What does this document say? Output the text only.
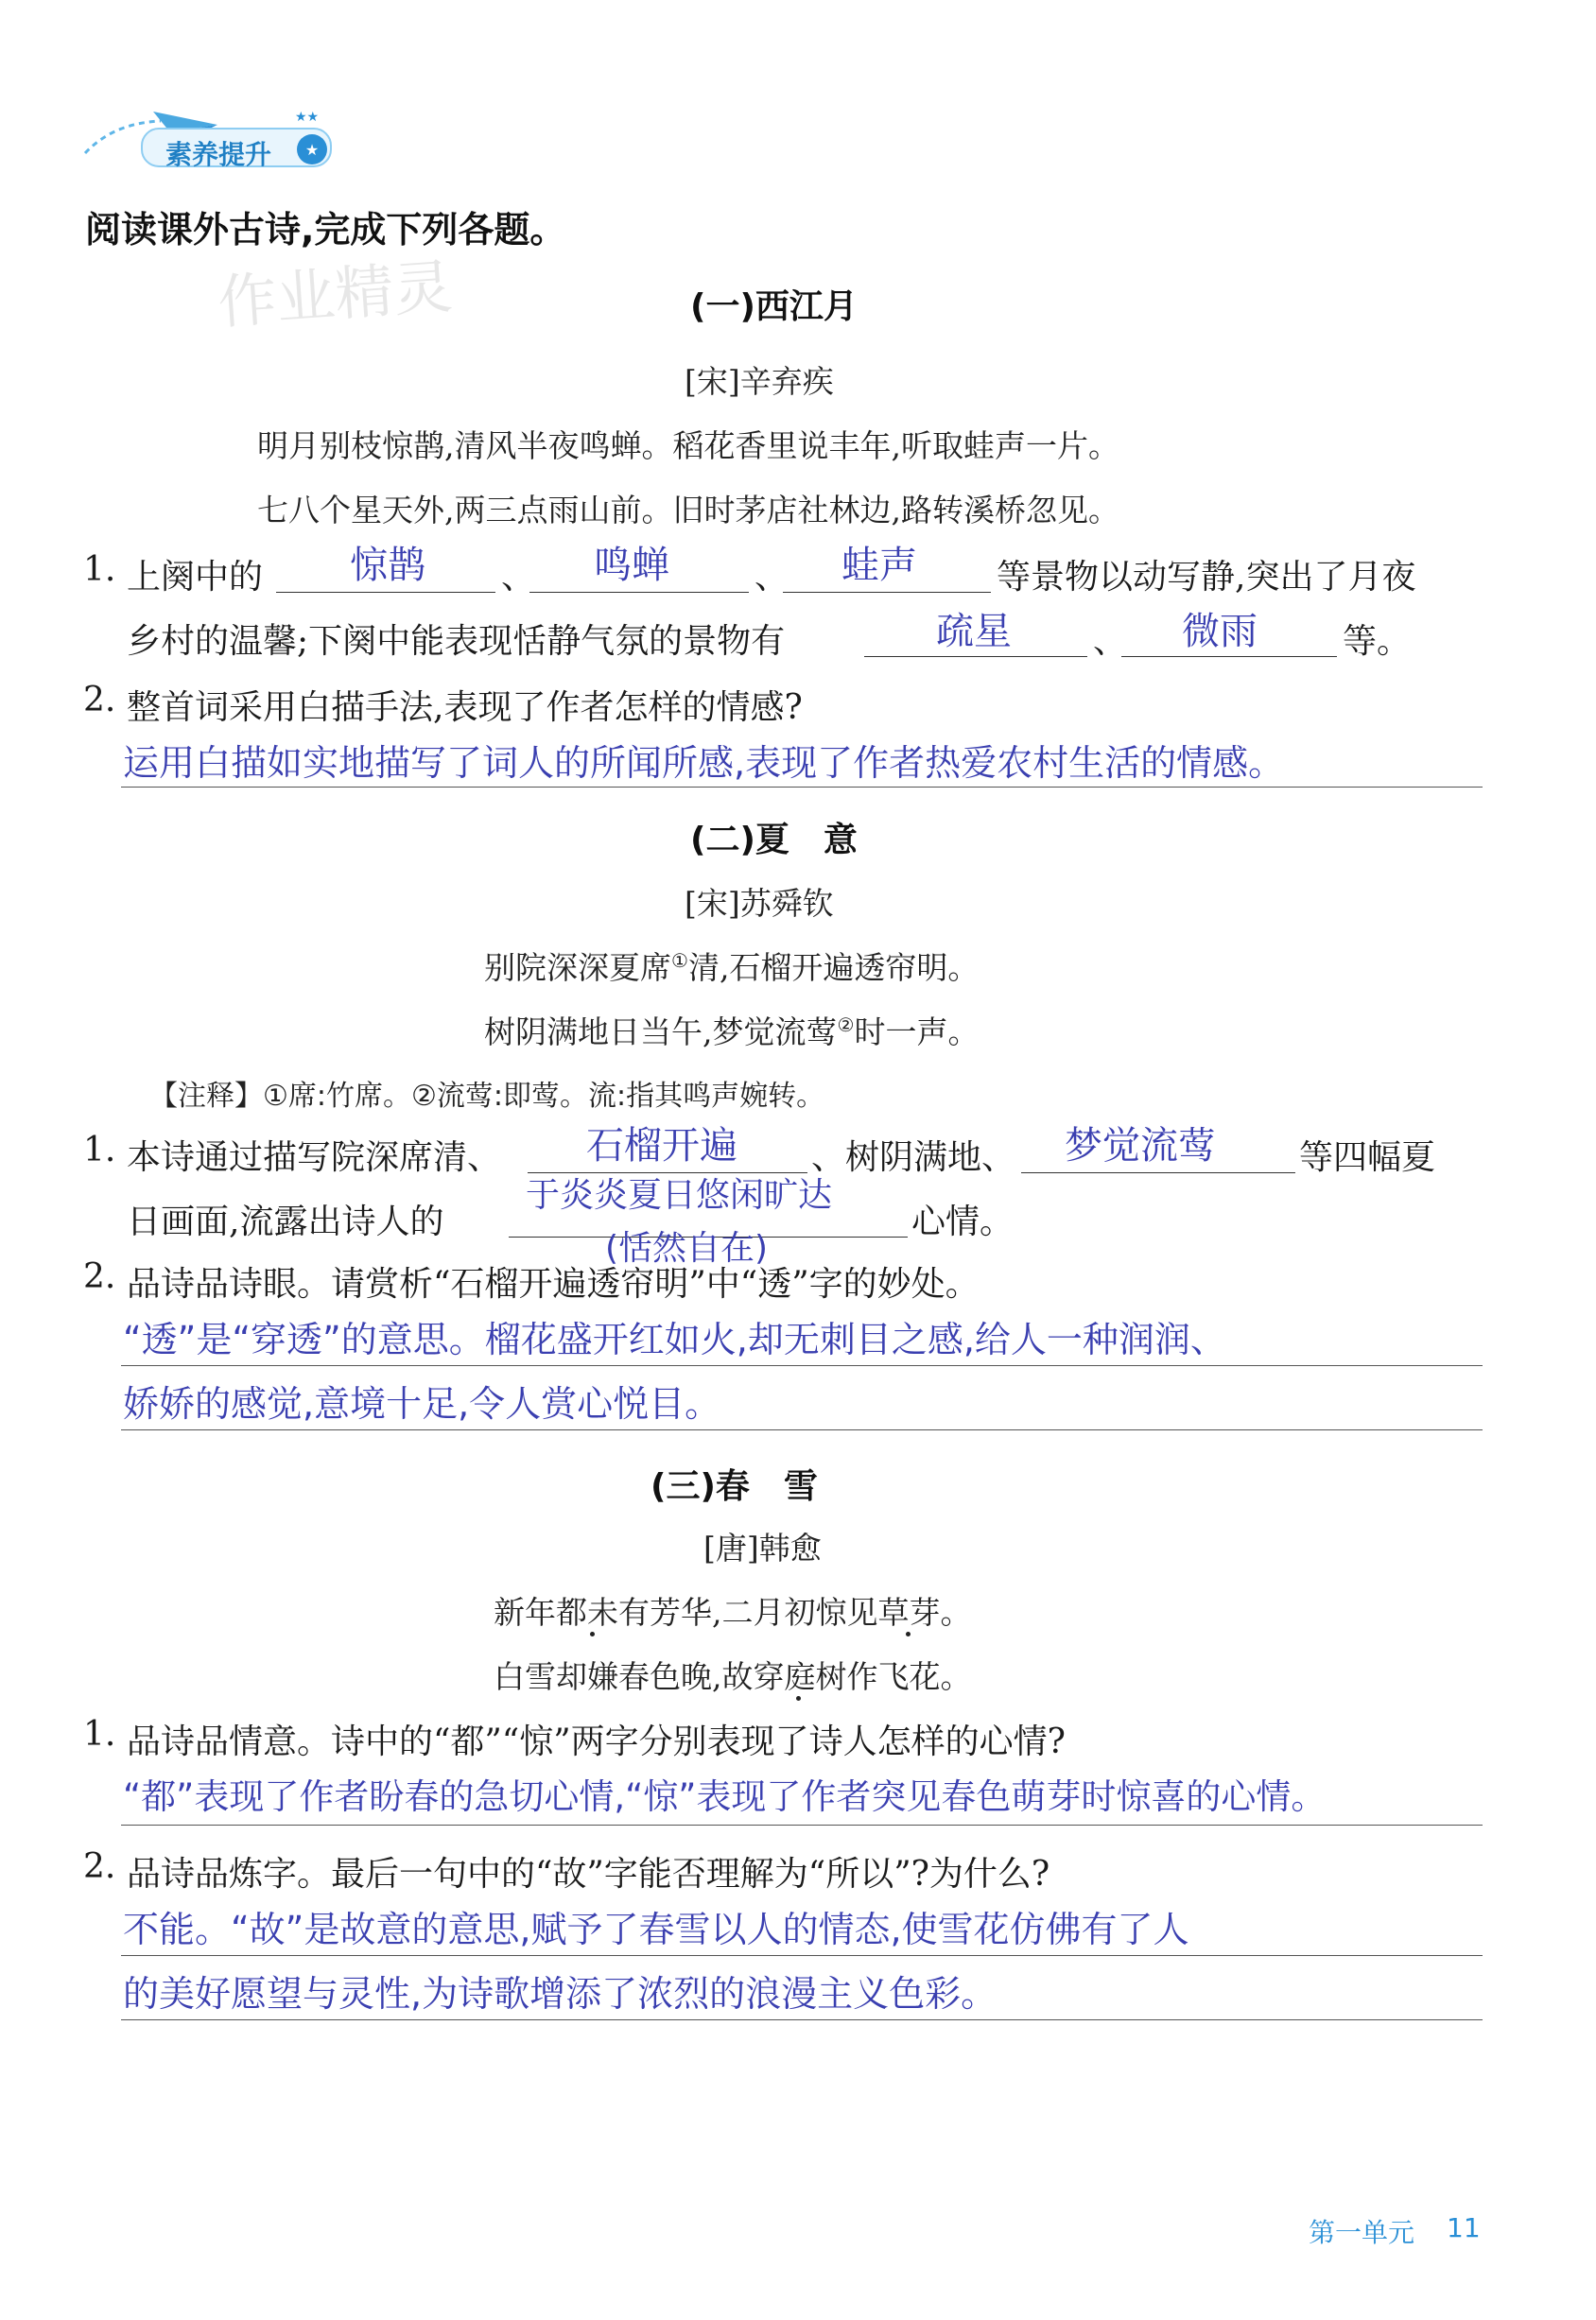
★
★★
素养提升
阅读课外古诗,完成下列各题。
作业精灵	(一)西江月
[宋]辛弃疾
明月别枝惊鹊,清风半夜鸣蝉。稻花香里说丰年,听取蛙声一片。
七八个星天外,两三点雨山前。旧时茅店社林边,路转溪桥忽见。
1. 上阕中的 惊鹊 、 鸣蝉	、 蛙声 等景物以动写静,突出了月夜
乡村的温馨;下阕中能表现恬静气氛的景物有	疏星 、 微雨	等。
2. 整首词采用白描手法,表现了作者怎样的情感?
运用白描如实地描写了词人的所闻所感,表现了作者热爱农村生活的情感。
(二)夏　意
[宋]苏舜钦
别院深深夏席①清,石榴开遍透帘明。
树阴满地日当午,梦觉流莺②时一声。
【注释】①席:竹席。②流莺:即莺。流:指其鸣声婉转。
1. 本诗通过描写院深席清、 石榴开遍 、树阴满地、 梦觉流莺 等四幅夏
日画面,流露出诗人的
于炎炎夏日悠闲旷达
(恬然自在)
心情。
2. 品诗品诗眼。请赏析“石榴开遍透帘明”中“透”字的妙处。
“透”是“穿透”的意思。榴花盛开红如火,却无刺目之感,给人一种润润、
娇娇的感觉,意境十足,令人赏心悦目。
(三)春　雪
[唐]韩愈
新年都未有芳华,二月初惊见草芽。
白雪却嫌春色晚,故穿庭树作飞花。
1. 品诗品情意。诗中的“都”“惊”两字分别表现了诗人怎样的心情?
“都”表现了作者盼春的急切心情,“惊”表现了作者突见春色萌芽时惊喜的心情。
2. 品诗品炼字。最后一句中的“故”字能否理解为“所以”?为什么?
不能。“故”是故意的意思,赋予了春雪以人的情态,使雪花仿佛有了人
的美好愿望与灵性,为诗歌增添了浓烈的浪漫主义色彩。
第一单元 11
